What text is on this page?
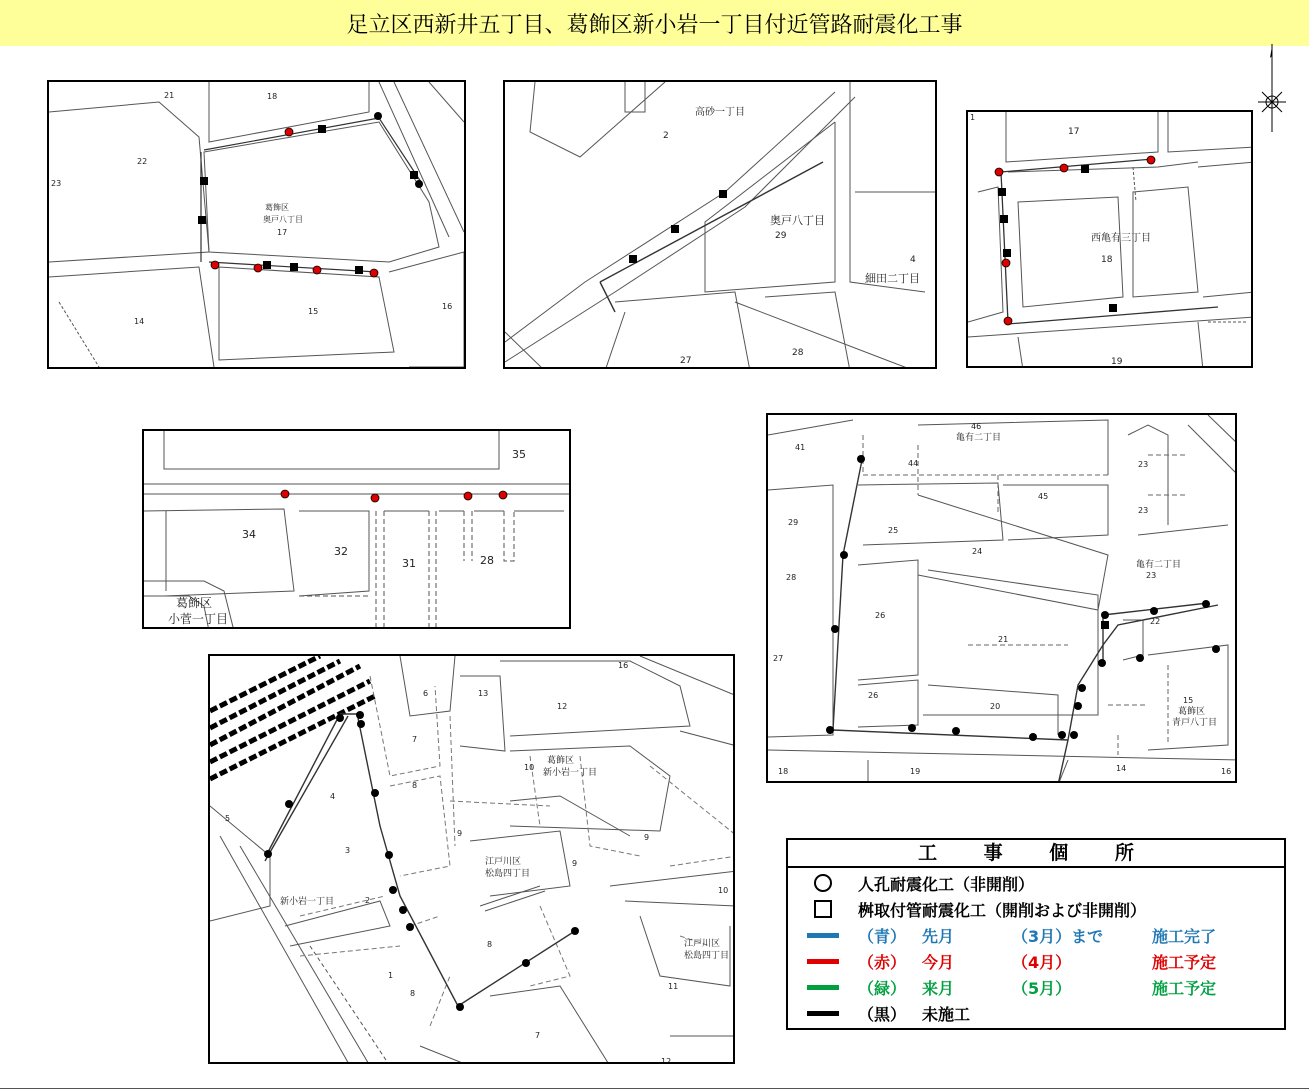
足立区西新井五丁目、葛飾区新小岩一丁目付近管路耐震化工事
21	18
22
23
葛飾区
奥戸八丁目
17
14
15
16
高砂一丁目
2
奥戸八丁目
29
4
細田二丁目
27
28
1
17
西亀有三丁目
18
19
35
34
32
31	28
葛飾区
小菅一丁目
46
亀有二丁目
41
44
45
23
23
29
25
24
亀有二丁目
23
28
22
26
21
27
26
20
15
葛飾区
青戸八丁目
18	19	14	16
16
6	13
12
5
7
4
8
葛飾区
新小岩一丁目
10
3
9	9
2
江戸川区
松島四丁目
9
新小岩一丁目
10
1
8
8
江戸川区
松島四丁目
11
7
12
工 事 個 所
人孔耐震化工（非開削）
桝取付管耐震化工（開削および非開削）
（青） 先月	（3月）まで	施工完了
（赤） 今月	（4月）	施工予定
（緑） 来月	（5月）	施工予定
（黒） 未施工
